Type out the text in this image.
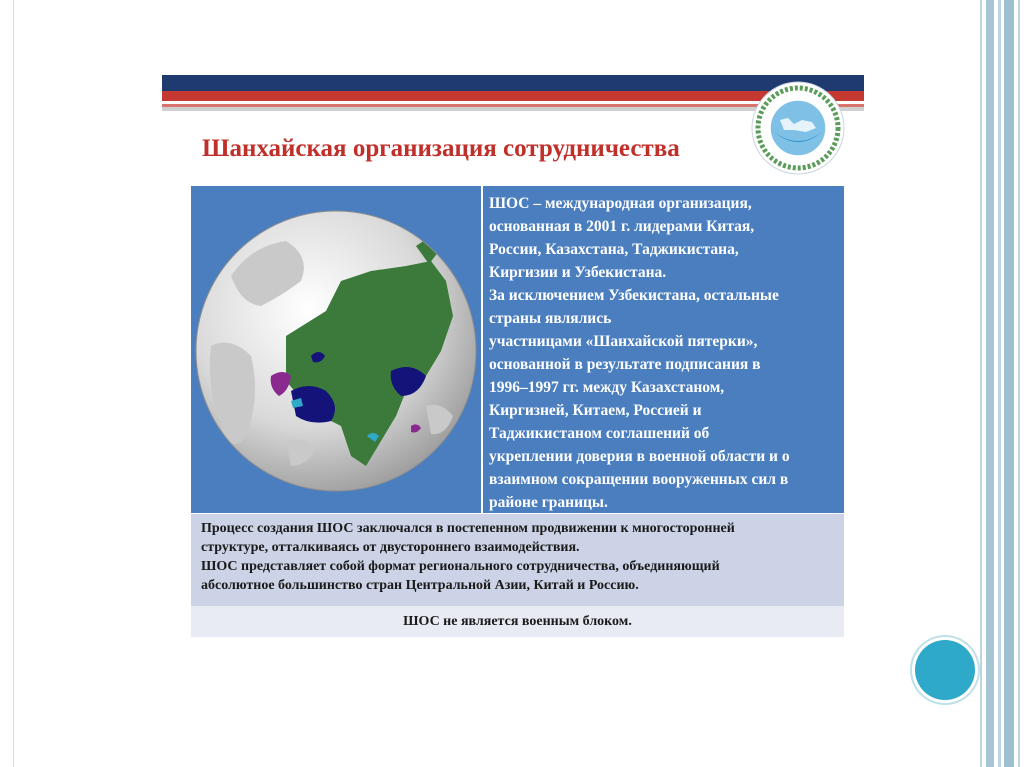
Шанхайская организация сотрудничества

ШОС – международная организация,
основанная в 2001 г. лидерами Китая,
России, Казахстана, Таджикистана,
Киргизии и Узбекистана.
За исключением Узбекистана, остальные
страны являлись
участницами «Шанхайской пятерки»,
основанной в результате подписания в
1996–1997 гг. между Казахстаном,
Киргизней, Китаем, Россией и
Таджикистаном соглашений об
укреплении доверия в военной области и о
взаимном сокращении вооруженных сил в
районе границы.

Процесс создания ШОС заключался в постепенном продвижении к многосторонней
структуре, отталкиваясь от двустороннего взаимодействия.
ШОС представляет собой формат регионального сотрудничества, объединяющий
абсолютное большинство стран Центральной Азии, Китай и Россию.

ШОС не является военным блоком.
